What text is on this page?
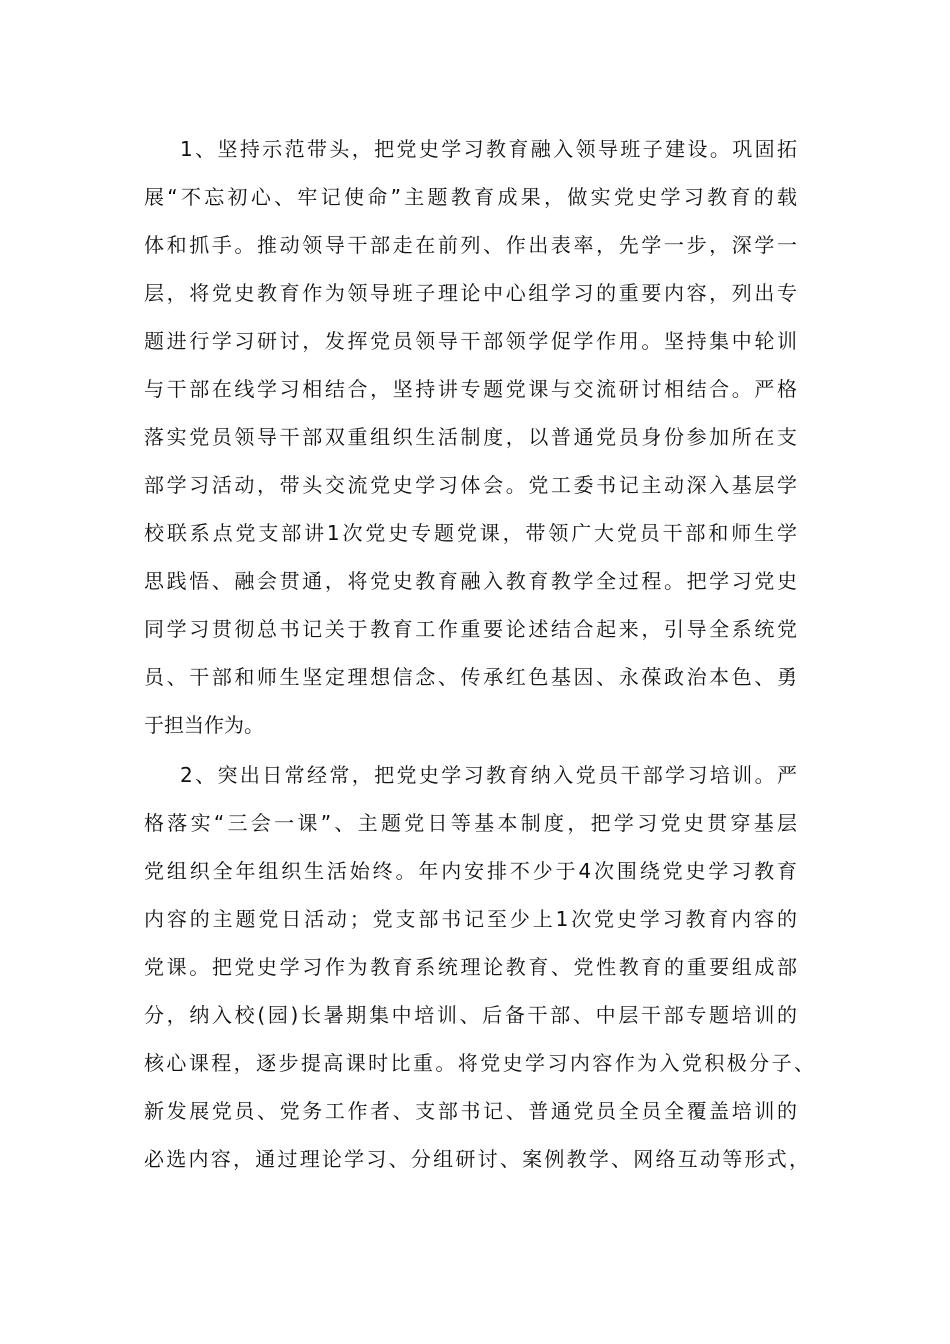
1、坚持示范带头，把党史学习教育融入领导班子建设。巩固拓
展“不忘初心、牢记使命”主题教育成果，做实党史学习教育的载
体和抓手。推动领导干部走在前列、作出表率，先学一步，深学一
层，将党史教育作为领导班子理论中心组学习的重要内容，列出专
题进行学习研讨，发挥党员领导干部领学促学作用。坚持集中轮训
与干部在线学习相结合，坚持讲专题党课与交流研讨相结合。严格
落实党员领导干部双重组织生活制度，以普通党员身份参加所在支
部学习活动，带头交流党史学习体会。党工委书记主动深入基层学
校联系点党支部讲1次党史专题党课，带领广大党员干部和师生学
思践悟、融会贯通，将党史教育融入教育教学全过程。把学习党史
同学习贯彻总书记关于教育工作重要论述结合起来，引导全系统党
员、干部和师生坚定理想信念、传承红色基因、永葆政治本色、勇
于担当作为。
2、突出日常经常，把党史学习教育纳入党员干部学习培训。严
格落实“三会一课”、主题党日等基本制度，把学习党史贯穿基层
党组织全年组织生活始终。年内安排不少于4次围绕党史学习教育
内容的主题党日活动；党支部书记至少上1次党史学习教育内容的
党课。把党史学习作为教育系统理论教育、党性教育的重要组成部
分，纳入校(园)长暑期集中培训、后备干部、中层干部专题培训的
核心课程，逐步提高课时比重。将党史学习内容作为入党积极分子、
新发展党员、党务工作者、支部书记、普通党员全员全覆盖培训的
必选内容，通过理论学习、分组研讨、案例教学、网络互动等形式，
